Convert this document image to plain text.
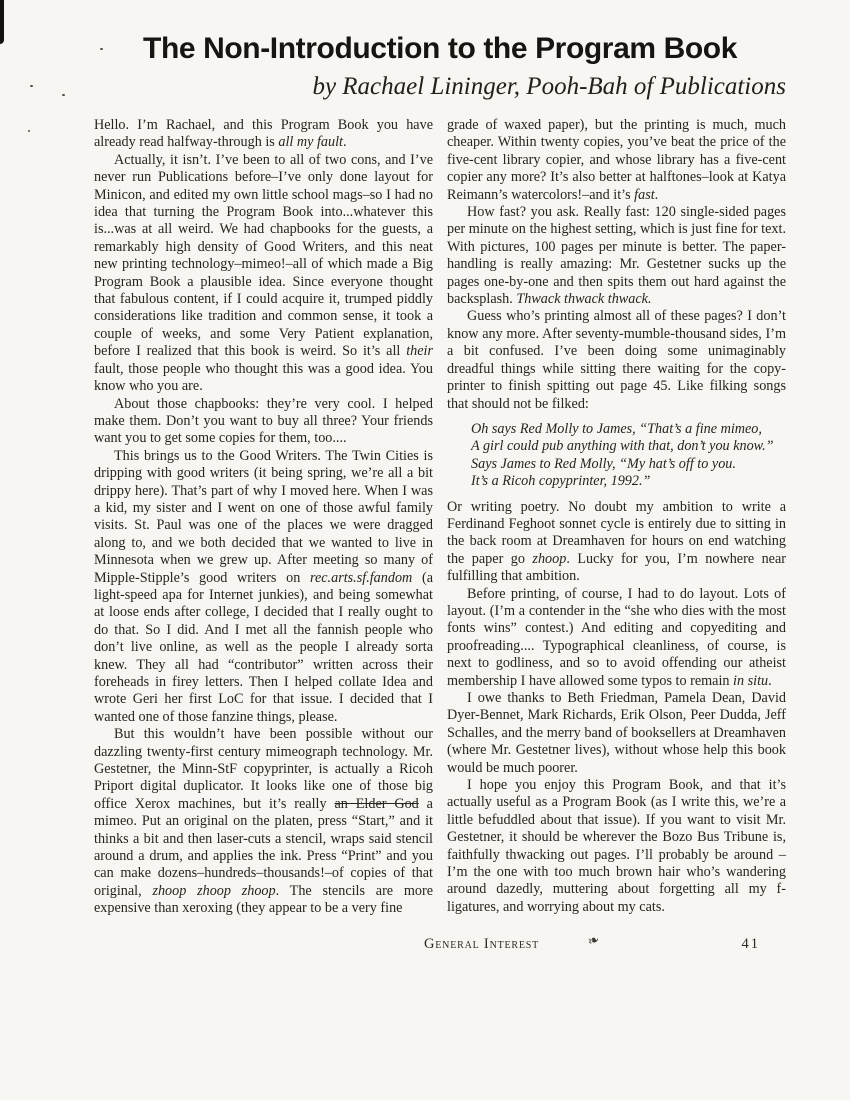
The Non-Introduction to the Program Book
by Rachael Lininger, Pooh-Bah of Publications

Hello. I’m Rachael, and this Program Book you have already read halfway-through is all my fault.

Actually, it isn’t. I’ve been to all of two cons, and I’ve never run Publications before–I’ve only done layout for Minicon, and edited my own little school mags–so I had no idea that turning the Program Book into...whatever this is...was at all weird. We had chapbooks for the guests, a remarkably high density of Good Writers, and this neat new printing technology–mimeo!–all of which made a Big Program Book a plausible idea. Since everyone thought that fabulous content, if I could acquire it, trumped piddly considerations like tradition and common sense, it took a couple of weeks, and some Very Patient explanation, before I realized that this book is weird. So it’s all their fault, those people who thought this was a good idea. You know who you are.

About those chapbooks: they’re very cool. I helped make them. Don’t you want to buy all three? Your friends want you to get some copies for them, too....

This brings us to the Good Writers. The Twin Cities is dripping with good writers (it being spring, we’re all a bit drippy here). That’s part of why I moved here. When I was a kid, my sister and I went on one of those awful family visits. St. Paul was one of the places we were dragged along to, and we both decided that we wanted to live in Minnesota when we grew up. After meeting so many of Mipple-Stipple’s good writers on rec.arts.sf.fandom (a light-speed apa for Internet junkies), and being somewhat at loose ends after college, I decided that I really ought to do that. So I did. And I met all the fannish people who don’t live online, as well as the people I already sorta knew. They all had “contributor” written across their foreheads in firey letters. Then I helped collate Idea and wrote Geri her first LoC for that issue. I decided that I wanted one of those fanzine things, please.

But this wouldn’t have been possible without our dazzling twenty-first century mimeograph technology. Mr. Gestetner, the Minn-StF copyprinter, is actually a Ricoh Priport digital duplicator. It looks like one of those big office Xerox machines, but it’s really an Elder God a mimeo. Put an original on the platen, press “Start,” and it thinks a bit and then laser-cuts a stencil, wraps said stencil around a drum, and applies the ink. Press “Print” and you can make dozens–hundreds–thousands!–of copies of that original, zhoop zhoop zhoop. The stencils are more expensive than xeroxing (they appear to be a very fine

grade of waxed paper), but the printing is much, much cheaper. Within twenty copies, you’ve beat the price of the five-cent library copier, and whose library has a five-cent copier any more? It’s also better at halftones–look at Katya Reimann’s watercolors!–and it’s fast.

How fast? you ask. Really fast: 120 single-sided pages per minute on the highest setting, which is just fine for text. With pictures, 100 pages per minute is better. The paper-handling is really amazing: Mr. Gestetner sucks up the pages one-by-one and then spits them out hard against the backsplash. Thwack thwack thwack.

Guess who’s printing almost all of these pages? I don’t know any more. After seventy-mumble-thousand sides, I’m a bit confused. I’ve been doing some unimaginably dreadful things while sitting there waiting for the copy-printer to finish spitting out page 45. Like filking songs that should not be filked:

Oh says Red Molly to James, “That’s a fine mimeo,
A girl could pub anything with that, don’t you know.”
Says James to Red Molly, “My hat’s off to you.
It’s a Ricoh copyprinter, 1992.”

Or writing poetry. No doubt my ambition to write a Ferdinand Feghoot sonnet cycle is entirely due to sitting in the back room at Dreamhaven for hours on end watching the paper go zhoop. Lucky for you, I’m nowhere near fulfilling that ambition.

Before printing, of course, I had to do layout. Lots of layout. (I’m a contender in the “she who dies with the most fonts wins” contest.) And editing and copyediting and proofreading.... Typographical cleanliness, of course, is next to godliness, and so to avoid offending our atheist membership I have allowed some typos to remain in situ.

I owe thanks to Beth Friedman, Pamela Dean, David Dyer-Bennet, Mark Richards, Erik Olson, Peer Dudda, Jeff Schalles, and the merry band of booksellers at Dreamhaven (where Mr. Gestetner lives), without whose help this book would be much poorer.

I hope you enjoy this Program Book, and that it’s actually useful as a Program Book (as I write this, we’re a little befuddled about that issue). If you want to visit Mr. Gestetner, it should be wherever the Bozo Bus Tribune is, faithfully thwacking out pages. I’ll probably be around –I’m the one with too much brown hair who’s wandering around dazedly, muttering about forgetting all my f-ligatures, and worrying about my cats.

General Interest	❧	41
